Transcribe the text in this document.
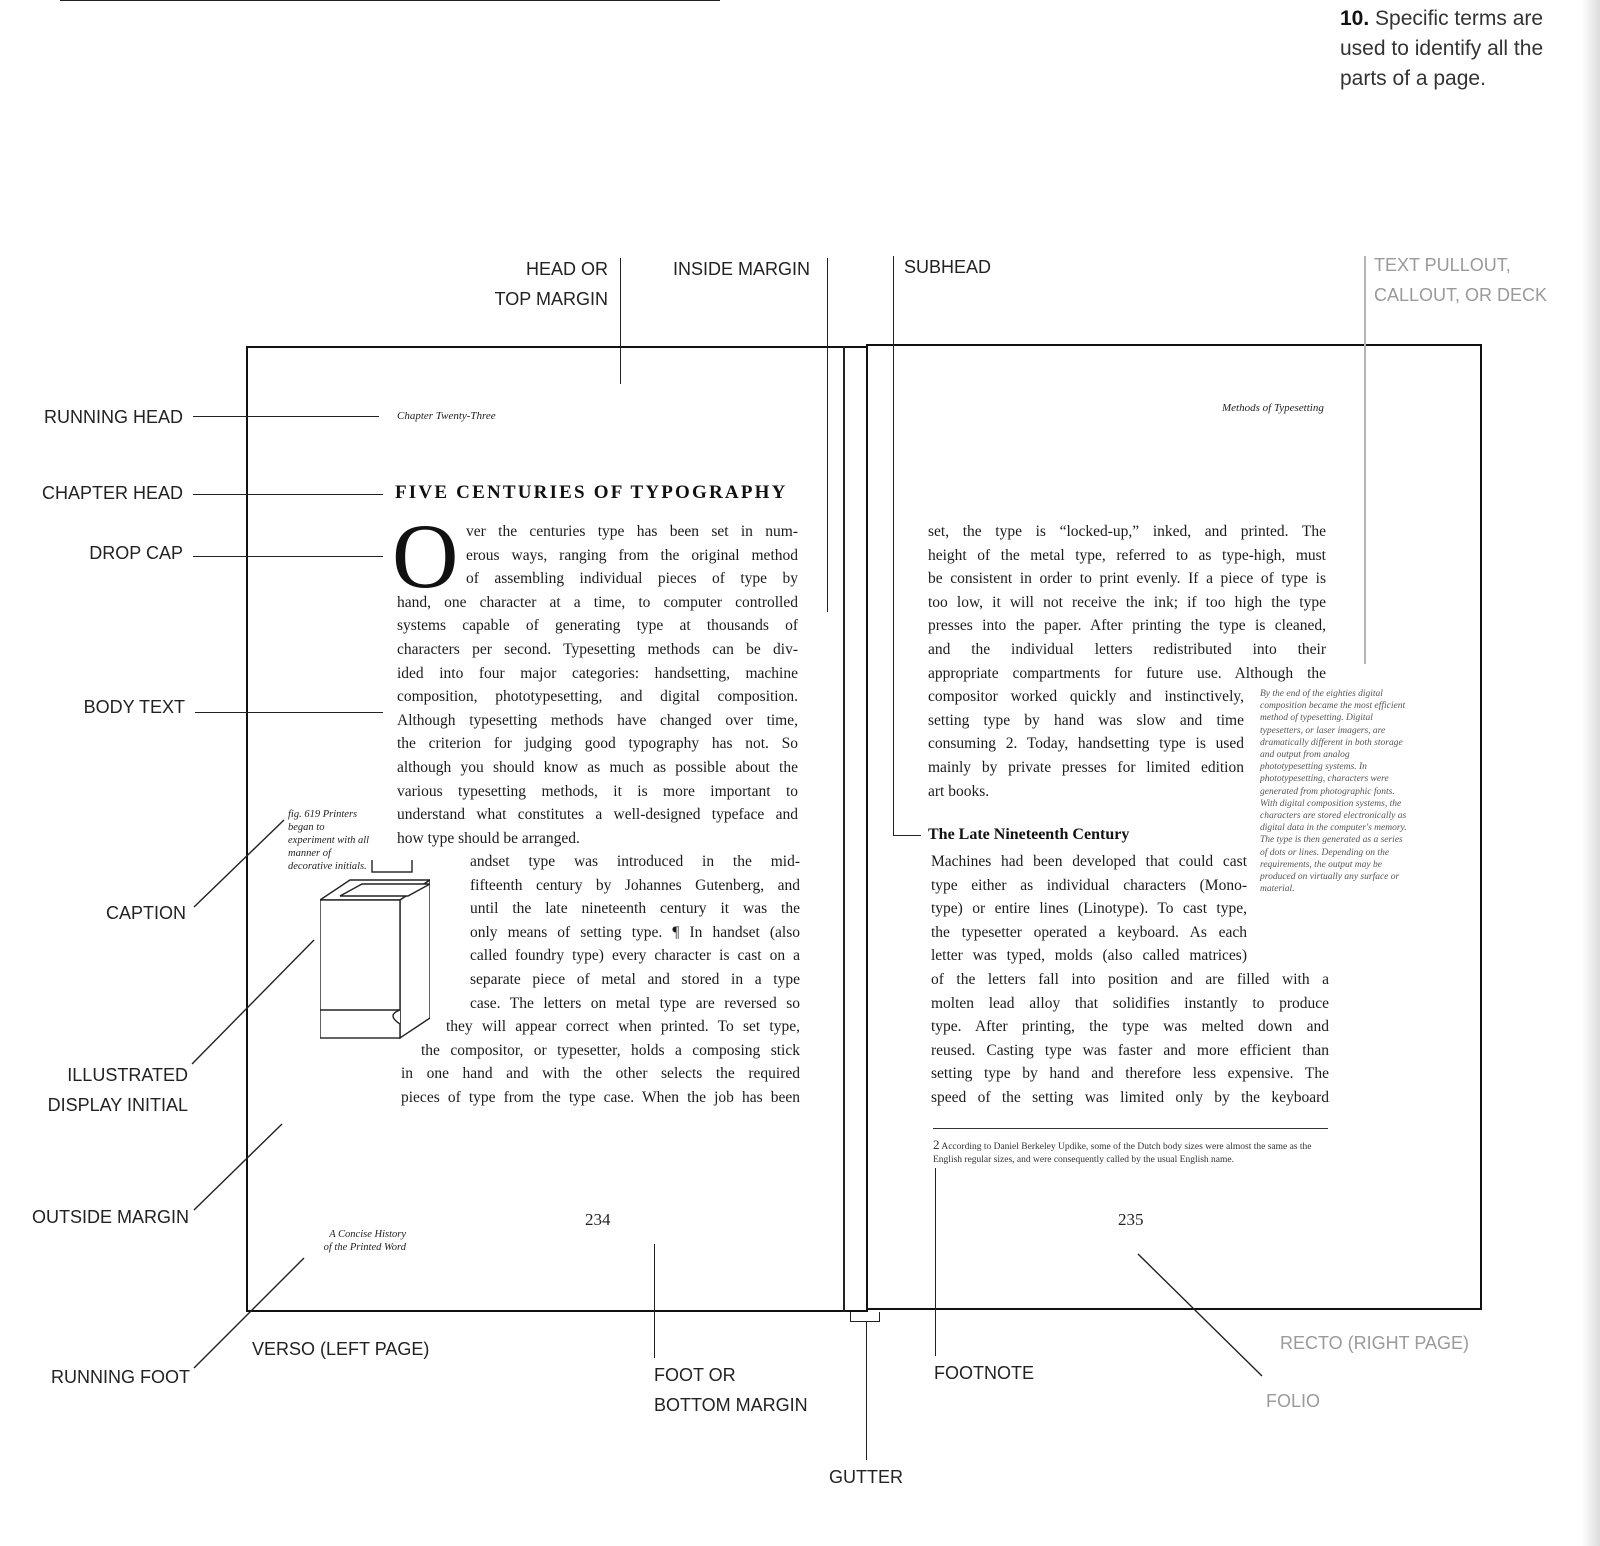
10. Specific terms are used to identify all the parts of a page.
Chapter Twenty-Three
FIVE CENTURIES OF TYPOGRAPHY
O ver the centuries type has been set in num-
erous ways, ranging from the original method
of assembling individual pieces of type by
hand, one character at a time, to computer controlled
systems capable of generating type at thousands of
characters per second. Typesetting methods can be div-
ided into four major categories: handsetting, machine
composition, phototypesetting, and digital composition.
Although typesetting methods have changed over time,
the criterion for judging good typography has not. So
although you should know as much as possible about the
various typesetting methods, it is more important to
understand what constitutes a well-designed typeface and
how type should be arranged.
andset type was introduced in the mid-
fifteenth century by Johannes Gutenberg, and
until the late nineteenth century it was the
only means of setting type. ¶ In handset (also
called foundry type) every character is cast on a
separate piece of metal and stored in a type
case. The letters on metal type are reversed so
they will appear correct when printed. To set type,
the compositor, or typesetter, holds a composing stick
in one hand and with the other selects the required
pieces of type from the type case. When the job has been
fig. 619 Printers began to experiment with all manner of decorative initials.
A Concise History
of the Printed Word
234
Methods of Typesetting
set, the type is “locked-up,” inked, and printed. The
height of the metal type, referred to as type-high, must
be consistent in order to print evenly. If a piece of type is
too low, it will not receive the ink; if too high the type
presses into the paper. After printing the type is cleaned,
and the individual letters redistributed into their
appropriate compartments for future use. Although the
compositor worked quickly and instinctively,
setting type by hand was slow and time
consuming 2. Today, handsetting type is used
mainly by private presses for limited edition
art books.
The Late Nineteenth Century
Machines had been developed that could cast
type either as individual characters (Mono-
type) or entire lines (Linotype). To cast type,
the typesetter operated a keyboard. As each
letter was typed, molds (also called matrices)
of the letters fall into position and are filled with a
molten lead alloy that solidifies instantly to produce
type. After printing, the type was melted down and
reused. Casting type was faster and more efficient than
setting type by hand and therefore less expensive. The
speed of the setting was limited only by the keyboard
By the end of the eighties digital composition became the most efficient method of typesetting. Digital typesetters, or laser imagers, are dramatically different in both storage and output from analog phototypesetting systems. In phototypesetting, characters were generated from photographic fonts. With digital composition systems, the characters are stored electronically as digital data in the computer's memory. The type is then generated as a series of dots or lines. Depending on the requirements, the output may be produced on virtually any surface or material.
2 According to Daniel Berkeley Updike, some of the Dutch body sizes were almost the same as the English regular sizes, and were consequently called by the usual English name.
235
HEAD OR
TOP MARGIN
INSIDE MARGIN	SUBHEAD	TEXT PULLOUT,
CALLOUT, OR DECK
RUNNING HEAD
CHAPTER HEAD
DROP CAP
BODY TEXT
CAPTION
ILLUSTRATED
DISPLAY INITIAL
OUTSIDE MARGIN
RUNNING FOOT
VERSO (LEFT PAGE)
FOOT OR
BOTTOM MARGIN
GUTTER
FOOTNOTE
RECTO (RIGHT PAGE)
FOLIO
